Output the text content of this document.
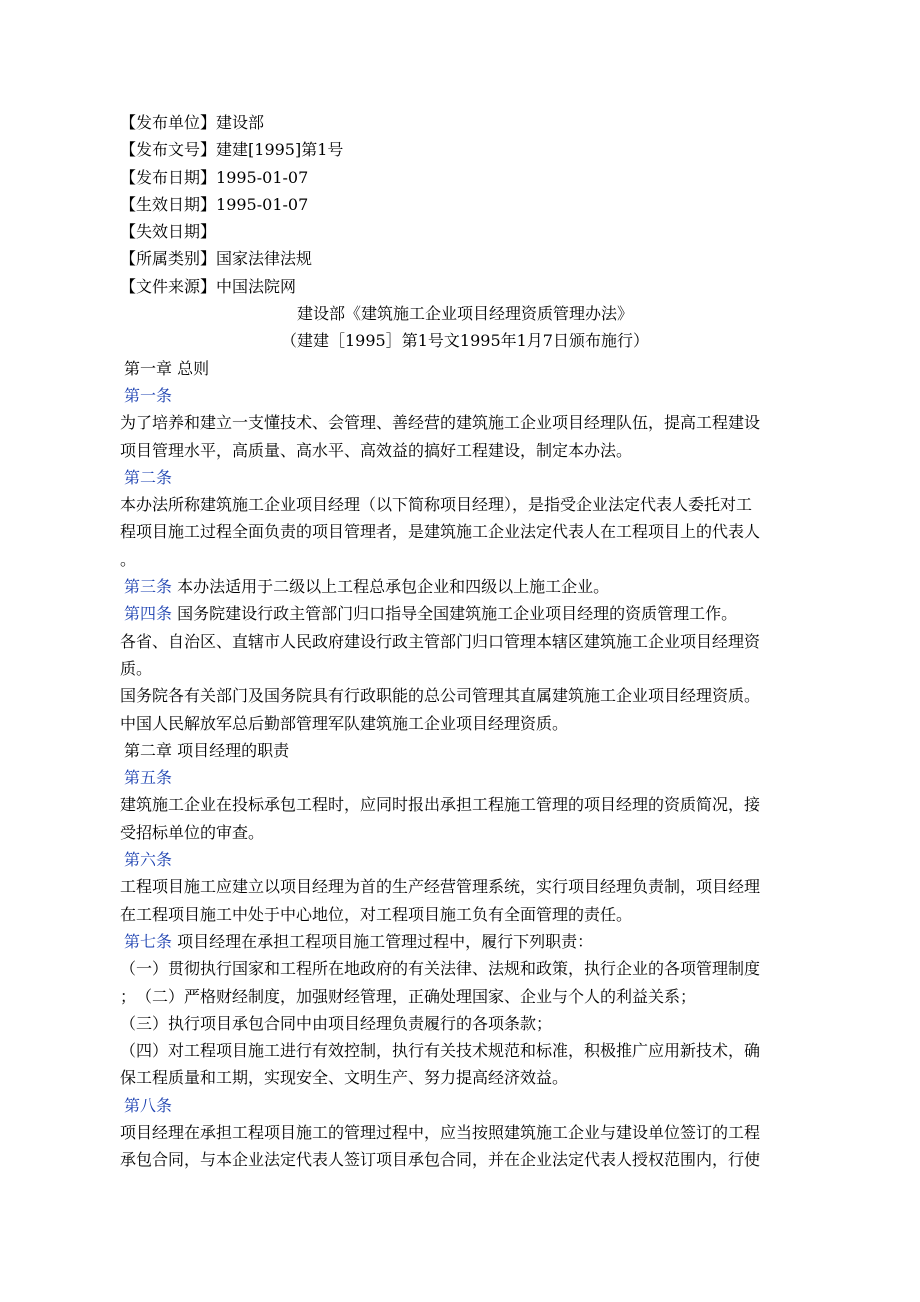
【发布单位】建设部
【发布文号】建建[1995]第1号
【发布日期】1995-01-07
【生效日期】1995-01-07
【失效日期】
【所属类别】国家法律法规
【文件来源】中国法院网
建设部《建筑施工企业项目经理资质管理办法》
（建建［1995］第1号文1995年1月7日颁布施行）
第一章 总则
第一条
为了培养和建立一支懂技术、会管理、善经营的建筑施工企业项目经理队伍，提高工程建设
项目管理水平，高质量、高水平、高效益的搞好工程建设，制定本办法。
第二条
本办法所称建筑施工企业项目经理（以下简称项目经理），是指受企业法定代表人委托对工
程项目施工过程全面负责的项目管理者，是建筑施工企业法定代表人在工程项目上的代表人
。
第三条 本办法适用于二级以上工程总承包企业和四级以上施工企业。
第四条 国务院建设行政主管部门归口指导全国建筑施工企业项目经理的资质管理工作。
各省、自治区、直辖市人民政府建设行政主管部门归口管理本辖区建筑施工企业项目经理资
质。
国务院各有关部门及国务院具有行政职能的总公司管理其直属建筑施工企业项目经理资质。
中国人民解放军总后勤部管理军队建筑施工企业项目经理资质。
第二章 项目经理的职责
第五条
建筑施工企业在投标承包工程时，应同时报出承担工程施工管理的项目经理的资质简况，接
受招标单位的审查。
第六条
工程项目施工应建立以项目经理为首的生产经营管理系统，实行项目经理负责制，项目经理
在工程项目施工中处于中心地位，对工程项目施工负有全面管理的责任。
第七条 项目经理在承担工程项目施工管理过程中，履行下列职责：
（一）贯彻执行国家和工程所在地政府的有关法律、法规和政策，执行企业的各项管理制度
；　（二）严格财经制度，加强财经管理，正确处理国家、企业与个人的利益关系；
（三）执行项目承包合同中由项目经理负责履行的各项条款；
（四）对工程项目施工进行有效控制，执行有关技术规范和标准，积极推广应用新技术，确
保工程质量和工期，实现安全、文明生产、努力提高经济效益。
第八条
项目经理在承担工程项目施工的管理过程中，应当按照建筑施工企业与建设单位签订的工程
承包合同，与本企业法定代表人签订项目承包合同，并在企业法定代表人授权范围内，行使
